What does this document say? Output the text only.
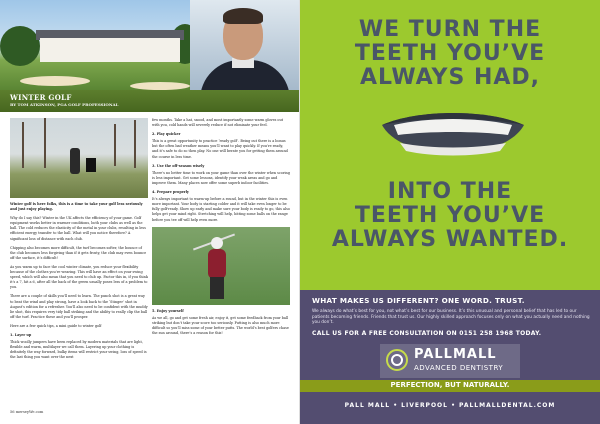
WINTER GOLF
BY TOM ATKINSON, PGA GOLF PROFESSIONAL

Winter golf is here folks, this is a time to take your golf less seriously and just enjoy playing.

Why do I say this? Winter in the UK affects the efficiency of your game. Golf equipment works better in warmer conditions, both your clubs as well as the ball. The cold reduces the elasticity of the metal in your clubs, resulting in less efficient energy transfer to the ball. What will you notice therefore? A significant loss of distance with each club.

Chipping also becomes more difficult, the turf becomes softer, the bounce of the club becomes less forgiving than if it gets frosty, the club may even bounce off the surface, it’s difficult!

As you warm up to face the cool winter climate, you reduce your flexibility because of the clothes you’re wearing. This will have an effect on your swing speed, which will also mean that you need to club up. Factor this in, if you think it’s a 7, hit a 6, after all the back of the green usually poses less of a problem to you.

There are a couple of skills you’ll need to learn. The punch shot is a great way to beat the wind and play strong, have a look back to the ‘Stinger’ shot in August’s edition for a refresher. You’ll also need to be confident with the muddy lie shot, this requires very tidy ball striking and the ability to really clip the ball off the turf. Practice these and you’ll prosper.

Here are a few quick tips, a mini guide to winter golf

1. Layer up

Thick woolly jumpers have been replaced by modern materials that are light, flexible and warm, multilayer we call them. Layering up your clothing is definitely the way forward, bulky items will restrict your swing, loss of speed is the last thing you want over the next

few months. Take a hat, snood, and most importantly some warm gloves out with you, cold hands will severely reduce if not eliminate your feel.

2. Play quicker

This is a great opportunity to practice ‘ready golf’. Being out there is a bonus but the often bad weather means you’ll want to play quickly. If you’re ready, and it’s safe to do so then play. No one will berate you for getting them around the course in less time.

3. Use the off-season wisely

There’s no better time to work on your game than over the winter when scoring is less important. Get some lessons, identify your weak areas and go and improve them. Many places now offer some superb indoor facilities.

4. Prepare properly

It’s always important to warm-up before a round, but in the winter this is even more important. Your body is starting colder and it will take even longer to be fully golf-ready. Show up early and make sure your body is ready to go, this also helps get your mind right. Stretching will help, hitting some balls on the range before you tee off will help even more.

5. Enjoy yourself

As we all, go and get some fresh air, enjoy it, get some feedback from your ball striking but don’t take your score too seriously. Putting is also much more difficult so you’ll miss some of your better putts. The world’s best golfers chase the sun around, there’s a reason for this!

56 merseyWe.com
WE TURN THE
TEETH YOU’VE
ALWAYS HAD,
INTO THE
TEETH YOU’VE
ALWAYS WANTED.
WHAT MAKES US DIFFERENT? ONE WORD. TRUST.
We always do what’s best for you, not what’s best for our business. It’s this unusual and personal belief that has led to our patients becoming friends. Friends that trust us. Our highly skilled approach focuses only on what you actually need and nothing you don’t.
CALL US FOR A FREE CONSULTATION ON 0151 258 1968 TODAY.
PALLMALL
ADVANCED DENTISTRY
PERFECTION, BUT NATURALLY.
PALL MALL • LIVERPOOL • PALLMALLDENTAL.COM
